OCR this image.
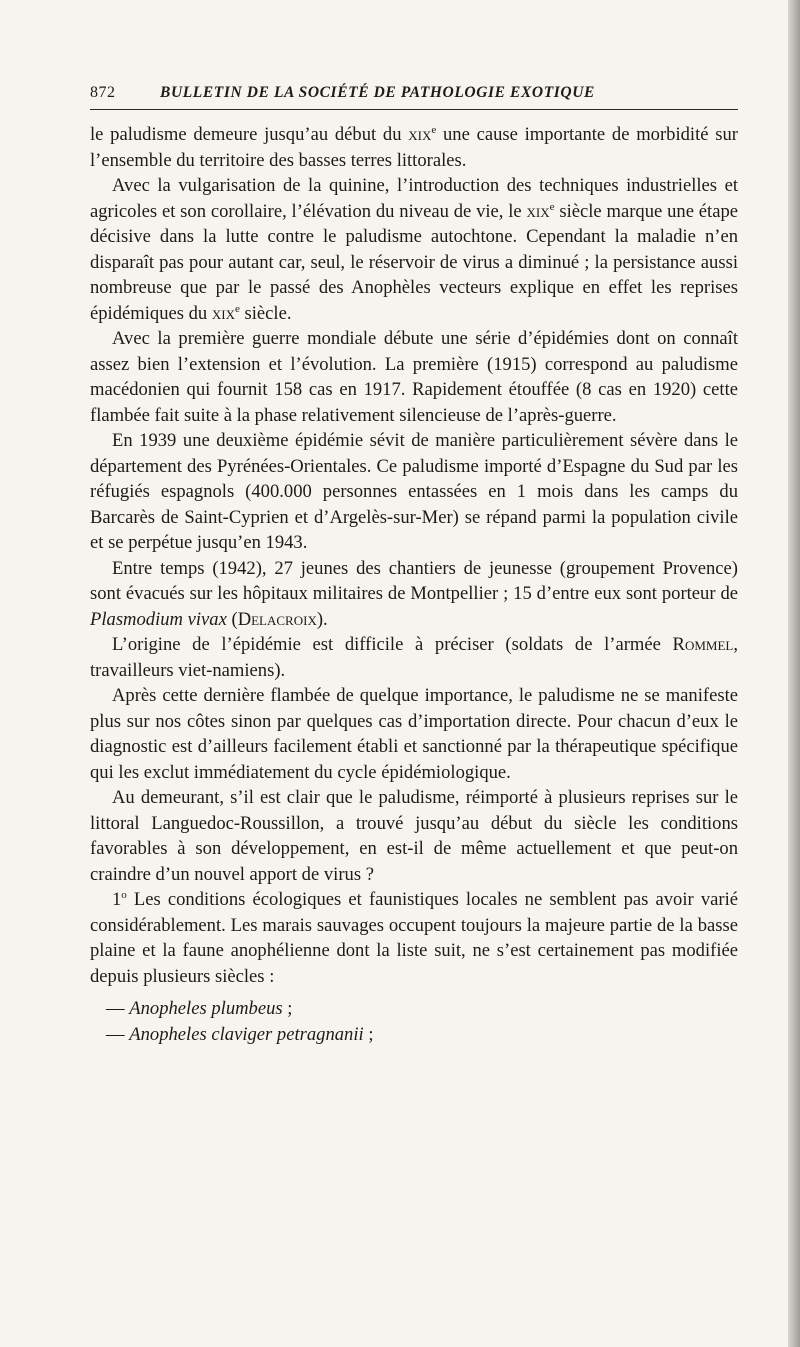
872	BULLETIN DE LA SOCIÉTÉ DE PATHOLOGIE EXOTIQUE

le paludisme demeure jusqu’au début du xix$^e$ une cause importante de morbidité sur l’ensemble du territoire des basses terres littorales.

Avec la vulgarisation de la quinine, l’introduction des techniques industrielles et agricoles et son corollaire, l’élévation du niveau de vie, le xix$^e$ siècle marque une étape décisive dans la lutte contre le paludisme autochtone. Cependant la maladie n’en disparaît pas pour autant car, seul, le réservoir de virus a diminué ; la persistance aussi nombreuse que par le passé des Anophèles vecteurs explique en effet les reprises épidémiques du xix$^e$ siècle.

Avec la première guerre mondiale débute une série d’épidémies dont on connaît assez bien l’extension et l’évolution. La première (1915) correspond au paludisme macédonien qui fournit 158 cas en 1917. Rapidement étouffée (8 cas en 1920) cette flambée fait suite à la phase relativement silencieuse de l’après-guerre.

En 1939 une deuxième épidémie sévit de manière particulièrement sévère dans le département des Pyrénées-Orientales. Ce paludisme importé d’Espagne du Sud par les réfugiés espagnols (400.000 personnes entassées en 1 mois dans les camps du Barcarès de Saint-Cyprien et d’Argelès-sur-Mer) se répand parmi la population civile et se perpétue jusqu’en 1943.

Entre temps (1942), 27 jeunes des chantiers de jeunesse (groupement Provence) sont évacués sur les hôpitaux militaires de Montpellier ; 15 d’entre eux sont porteur de Plasmodium vivax (Delacroix).

L’origine de l’épidémie est difficile à préciser (soldats de l’armée Rommel, travailleurs viet-namiens).

Après cette dernière flambée de quelque importance, le paludisme ne se manifeste plus sur nos côtes sinon par quelques cas d’importation directe. Pour chacun d’eux le diagnostic est d’ailleurs facilement établi et sanctionné par la thérapeutique spécifique qui les exclut immédiatement du cycle épidémiologique.

Au demeurant, s’il est clair que le paludisme, réimporté à plusieurs reprises sur le littoral Languedoc-Roussillon, a trouvé jusqu’au début du siècle les conditions favorables à son développement, en est-il de même actuellement et que peut-on craindre d’un nouvel apport de virus ?

1$^o$ Les conditions écologiques et faunistiques locales ne semblent pas avoir varié considérablement. Les marais sauvages occupent toujours la majeure partie de la basse plaine et la faune anophélienne dont la liste suit, ne s’est certainement pas modifiée depuis plusieurs siècles :

— Anopheles plumbeus ;
— Anopheles claviger petragnanii ;
